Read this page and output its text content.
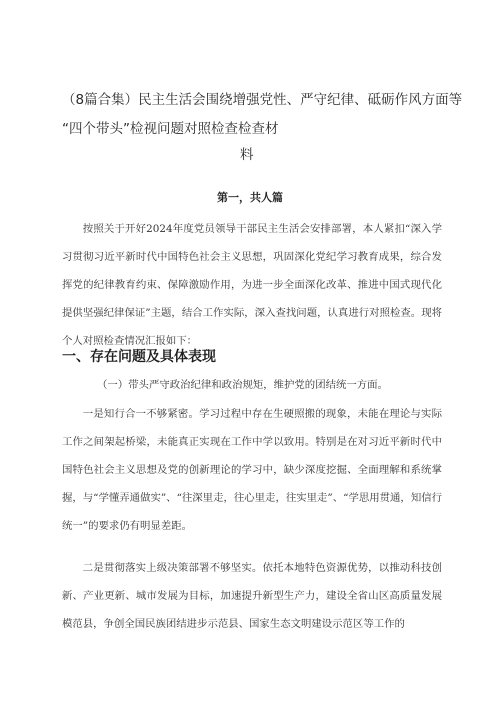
（8篇合集）民主生活会围绕增强党性、严守纪律、砥砺作风方面等
“四个带头”检视问题对照检查检查材
料
第一，共人篇

按照关于开好2024年度党员领导干部民主生活会安排部署，本人紧扣“深入学习贯彻习近平新时代中国特色社会主义思想，巩固深化党纪学习教育成果，综合发挥党的纪律教育约束、保障激励作用，为进一步全面深化改革、推进中国式现代化提供坚强纪律保证”主题，结合工作实际，深入查找问题，认真进行对照检查。现将个人对照检查情况汇报如下：

一、存在问题及具体表现
（一）带头严守政治纪律和政治规矩，维护党的团结统一方面。

一是知行合一不够紧密。学习过程中存在生硬照搬的现象，未能在理论与实际工作之间架起桥梁，未能真正实现在工作中学以致用。特别是在对习近平新时代中国特色社会主义思想及党的创新理论的学习中，缺少深度挖掘、全面理解和系统掌握，与“学懂弄通做实”、“往深里走，往心里走，往实里走”、“学思用贯通，知信行统一”的要求仍有明显差距。

二是贯彻落实上级决策部署不够坚实。依托本地特色资源优势，以推动科技创新、产业更新、城市发展为目标，加速提升新型生产力，建设全省山区高质量发展模范县，争创全国民族团结进步示范县、国家生态文明建设示范区等工作的
